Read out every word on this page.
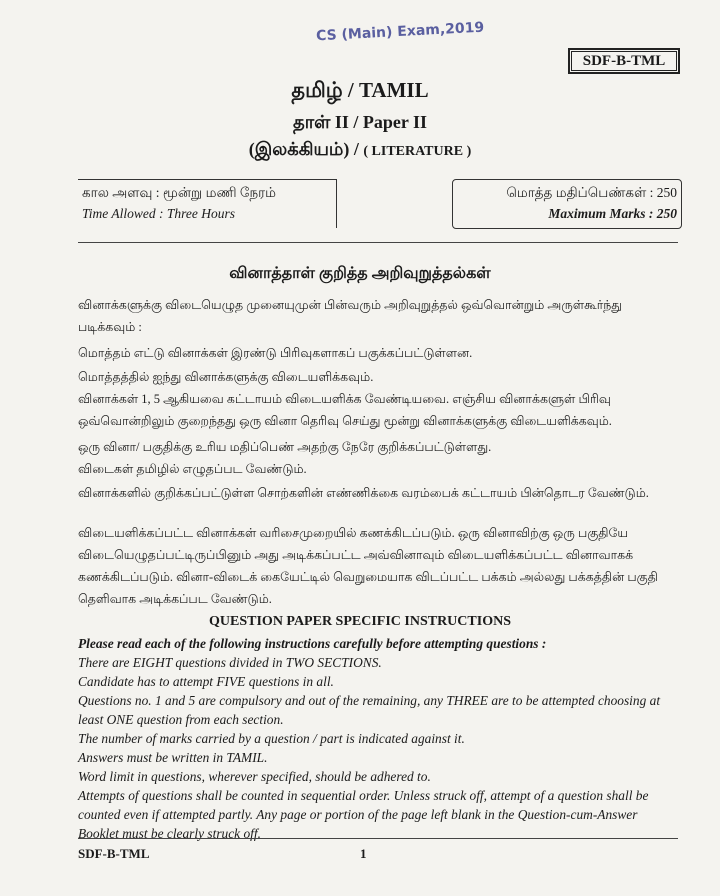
CS (Main) Exam,2019
SDF-B-TML
தமிழ் / TAMIL
தாள் II / Paper II
(இலக்கியம்) / ( LITERATURE )
கால அளவு : மூன்று மணி நேரம்
Time Allowed : Three Hours
மொத்த மதிப்பெண்கள் : 250
Maximum Marks : 250
வினாத்தாள் குறித்த அறிவுறுத்தல்கள்
வினாக்களுக்கு விடையெழுத முனையுமுன் பின்வரும் அறிவுறுத்தல் ஒவ்வொன்றும் அருள்கூர்ந்து படிக்கவும் :
மொத்தம் எட்டு வினாக்கள் இரண்டு பிரிவுகளாகப் பகுக்கப்பட்டுள்ளன.
மொத்தத்தில் ஐந்து வினாக்களுக்கு விடையளிக்கவும்.
வினாக்கள் 1, 5 ஆகியவை கட்டாயம் விடையளிக்க வேண்டியவை. எஞ்சிய வினாக்களுள் பிரிவு ஒவ்வொன்றிலும் குறைந்தது ஒரு வினா தெரிவு செய்து மூன்று வினாக்களுக்கு விடையளிக்கவும்.
ஒரு வினா/ பகுதிக்கு உரிய மதிப்பெண் அதற்கு நேரே குறிக்கப்பட்டுள்ளது.
விடைகள் தமிழில் எழுதப்பட வேண்டும்.
வினாக்களில் குறிக்கப்பட்டுள்ள சொற்களின் எண்ணிக்கை வரம்பைக் கட்டாயம் பின்தொடர வேண்டும்.
விடையளிக்கப்பட்ட வினாக்கள் வரிசைமுறையில் கணக்கிடப்படும். ஒரு வினாவிற்கு ஒரு பகுதியே விடையெழுதப்பட்டிருப்பினும் அது அடிக்கப்பட்ட அவ்வினாவும் விடையளிக்கப்பட்ட வினாவாகக் கணக்கிடப்படும். வினா-விடைக் கையேட்டில் வெறுமையாக விடப்பட்ட பக்கம் அல்லது பக்கத்தின் பகுதி தெளிவாக அடிக்கப்பட வேண்டும்.
QUESTION PAPER SPECIFIC INSTRUCTIONS
Please read each of the following instructions carefully before attempting questions :
There are EIGHT questions divided in TWO SECTIONS.
Candidate has to attempt FIVE questions in all.
Questions no. 1 and 5 are compulsory and out of the remaining, any THREE are to be attempted choosing at least ONE question from each section.
The number of marks carried by a question / part is indicated against it.
Answers must be written in TAMIL.
Word limit in questions, wherever specified, should be adhered to.
Attempts of questions shall be counted in sequential order. Unless struck off, attempt of a question shall be counted even if attempted partly. Any page or portion of the page left blank in the Question-cum-Answer Booklet must be clearly struck off.
SDF-B-TML	1
